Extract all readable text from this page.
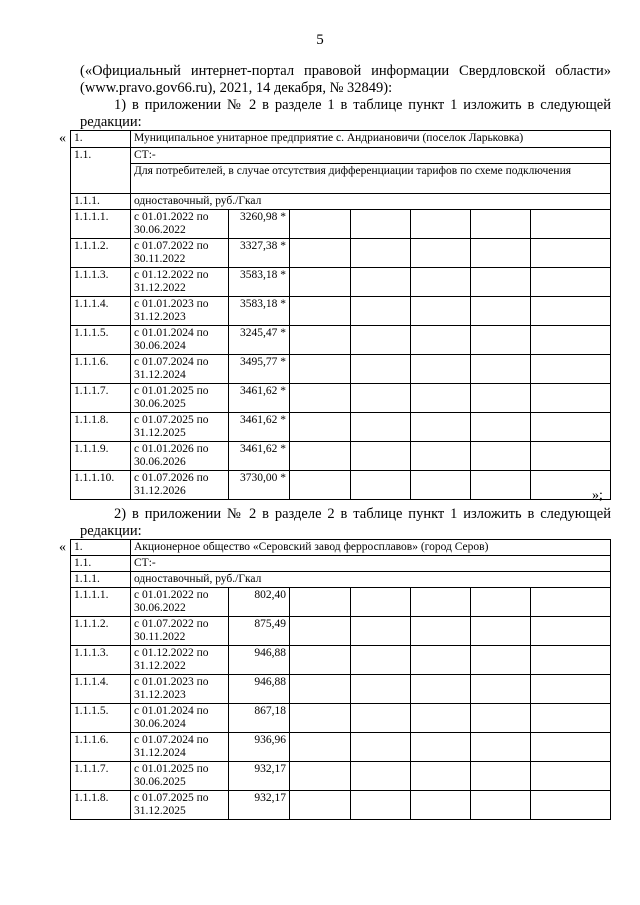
5
(«Официальный интернет-портал правовой информации Свердловской области»
(www.pravo.gov66.ru), 2021, 14 декабря, № 32849):
1) в приложении № 2 в разделе 1 в таблице пункт 1 изложить в следующей
редакции:
« 1.	Муниципальное унитарное предприятие с. Андриановичи (поселок Ларьковка)						
1.1.	СТ:-						
	Для потребителей, в случае отсутствия дифференциации тарифов по схеме подключения						
1.1.1.	одноставочный, руб./Гкал						
1.1.1.1.	с 01.01.2022 по 30.06.2022	3260,98 *					
1.1.1.2.	с 01.07.2022 по 30.11.2022	3327,38 *					
1.1.1.3.	с 01.12.2022 по 31.12.2022	3583,18 *					
1.1.1.4.	с 01.01.2023 по 31.12.2023	3583,18 *					
1.1.1.5.	с 01.01.2024 по 30.06.2024	3245,47 *					
1.1.1.6.	с 01.07.2024 по 31.12.2024	3495,77 *					
1.1.1.7.	с 01.01.2025 по 30.06.2025	3461,62 *					
1.1.1.8.	с 01.07.2025 по 31.12.2025	3461,62 *					
1.1.1.9.	с 01.01.2026 по 30.06.2026	3461,62 *					
1.1.1.10.	с 01.07.2026 по 31.12.2026	3730,00 *					
»;
2) в приложении № 2 в разделе 2 в таблице пункт 1 изложить в следующей
редакции:
« 1.	Акционерное общество «Серовский завод ферросплавов» (город Серов)						
1.1.	СТ:-						
1.1.1.	одноставочный, руб./Гкал						
1.1.1.1.	с 01.01.2022 по 30.06.2022	802,40					
1.1.1.2.	с 01.07.2022 по 30.11.2022	875,49					
1.1.1.3.	с 01.12.2022 по 31.12.2022	946,88					
1.1.1.4.	с 01.01.2023 по 31.12.2023	946,88					
1.1.1.5.	с 01.01.2024 по 30.06.2024	867,18					
1.1.1.6.	с 01.07.2024 по 31.12.2024	936,96					
1.1.1.7.	с 01.01.2025 по 30.06.2025	932,17					
1.1.1.8.	с 01.07.2025 по 31.12.2025	932,17					
